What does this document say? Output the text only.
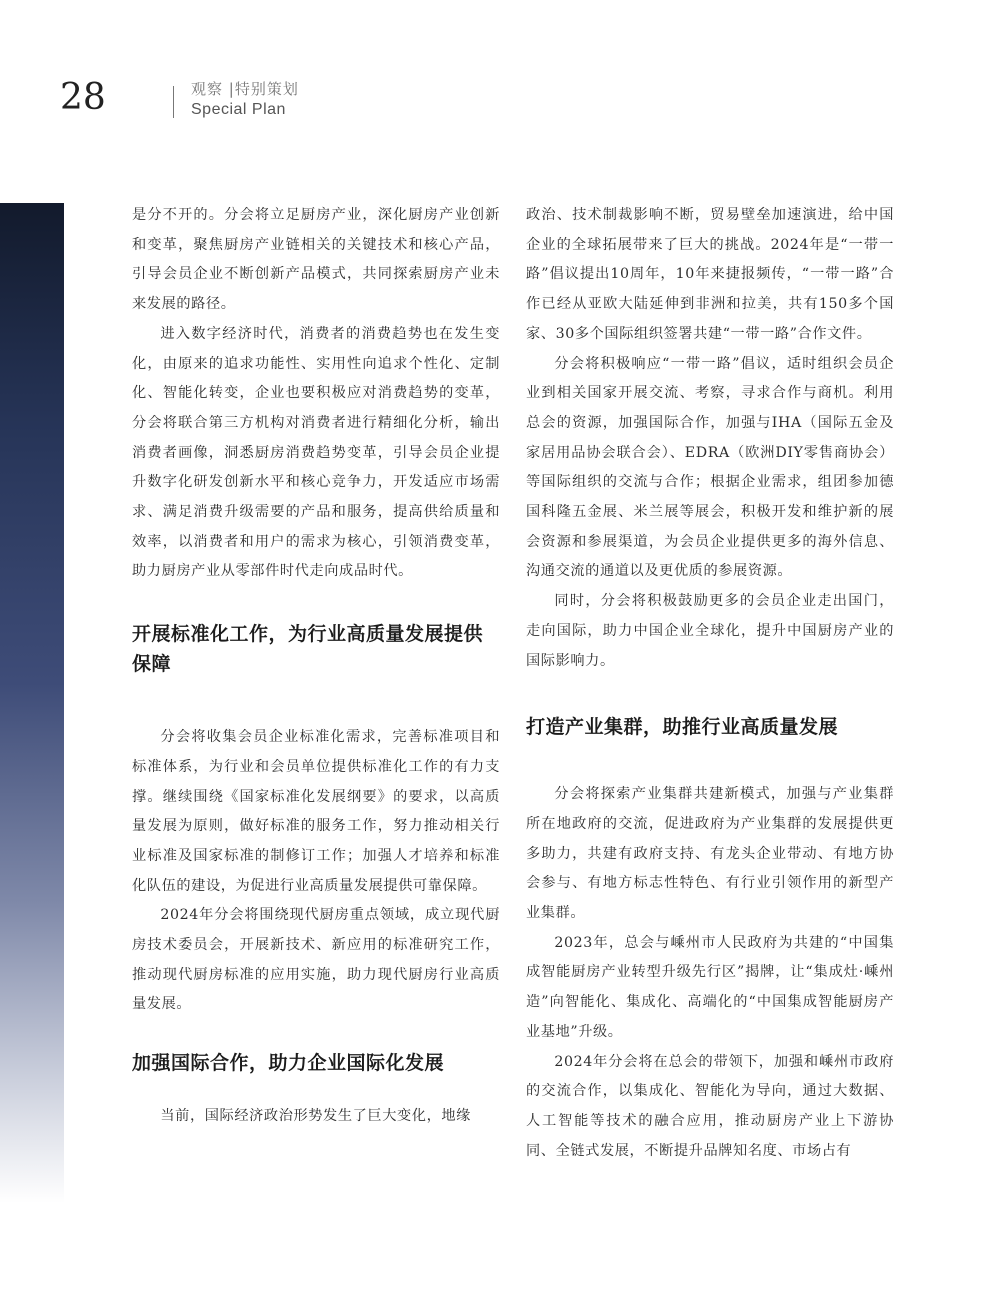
28	观察 |特别策划
Special Plan

是分不开的。分会将立足厨房产业，深化厨房产业创新和变革，聚焦厨房产业链相关的关键技术和核心产品，引导会员企业不断创新产品模式，共同探索厨房产业未来发展的路径。

进入数字经济时代，消费者的消费趋势也在发生变化，由原来的追求功能性、实用性向追求个性化、定制化、智能化转变，企业也要积极应对消费趋势的变革，分会将联合第三方机构对消费者进行精细化分析，输出消费者画像，洞悉厨房消费趋势变革，引导会员企业提升数字化研发创新水平和核心竞争力，开发适应市场需求、满足消费升级需要的产品和服务，提高供给质量和效率，以消费者和用户的需求为核心，引领消费变革，助力厨房产业从零部件时代走向成品时代。

开展标准化工作，为行业高质量发展提供保障

分会将收集会员企业标准化需求，完善标准项目和标准体系，为行业和会员单位提供标准化工作的有力支撑。继续围绕《国家标准化发展纲要》的要求，以高质量发展为原则，做好标准的服务工作，努力推动相关行业标准及国家标准的制修订工作；加强人才培养和标准化队伍的建设，为促进行业高质量发展提供可靠保障。

2024年分会将围绕现代厨房重点领域，成立现代厨房技术委员会，开展新技术、新应用的标准研究工作，推动现代厨房标准的应用实施，助力现代厨房行业高质量发展。

加强国际合作，助力企业国际化发展

当前，国际经济政治形势发生了巨大变化，地缘

政治、技术制裁影响不断，贸易壁垒加速演进，给中国企业的全球拓展带来了巨大的挑战。2024年是“一带一路”倡议提出10周年，10年来捷报频传，“一带一路”合作已经从亚欧大陆延伸到非洲和拉美，共有150多个国家、30多个国际组织签署共建“一带一路”合作文件。

分会将积极响应“一带一路”倡议，适时组织会员企业到相关国家开展交流、考察，寻求合作与商机。利用总会的资源，加强国际合作，加强与IHA（国际五金及家居用品协会联合会）、EDRA（欧洲DIY零售商协会）等国际组织的交流与合作；根据企业需求，组团参加德国科隆五金展、米兰展等展会，积极开发和维护新的展会资源和参展渠道，为会员企业提供更多的海外信息、沟通交流的通道以及更优质的参展资源。

同时，分会将积极鼓励更多的会员企业走出国门，走向国际，助力中国企业全球化，提升中国厨房产业的国际影响力。

打造产业集群，助推行业高质量发展

分会将探索产业集群共建新模式，加强与产业集群所在地政府的交流，促进政府为产业集群的发展提供更多助力，共建有政府支持、有龙头企业带动、有地方协会参与、有地方标志性特色、有行业引领作用的新型产业集群。

2023年，总会与嵊州市人民政府为共建的“中国集成智能厨房产业转型升级先行区”揭牌，让“集成灶·嵊州造”向智能化、集成化、高端化的“中国集成智能厨房产业基地”升级。

2024年分会将在总会的带领下，加强和嵊州市政府的交流合作，以集成化、智能化为导向，通过大数据、人工智能等技术的融合应用，推动厨房产业上下游协同、全链式发展，不断提升品牌知名度、市场占有
